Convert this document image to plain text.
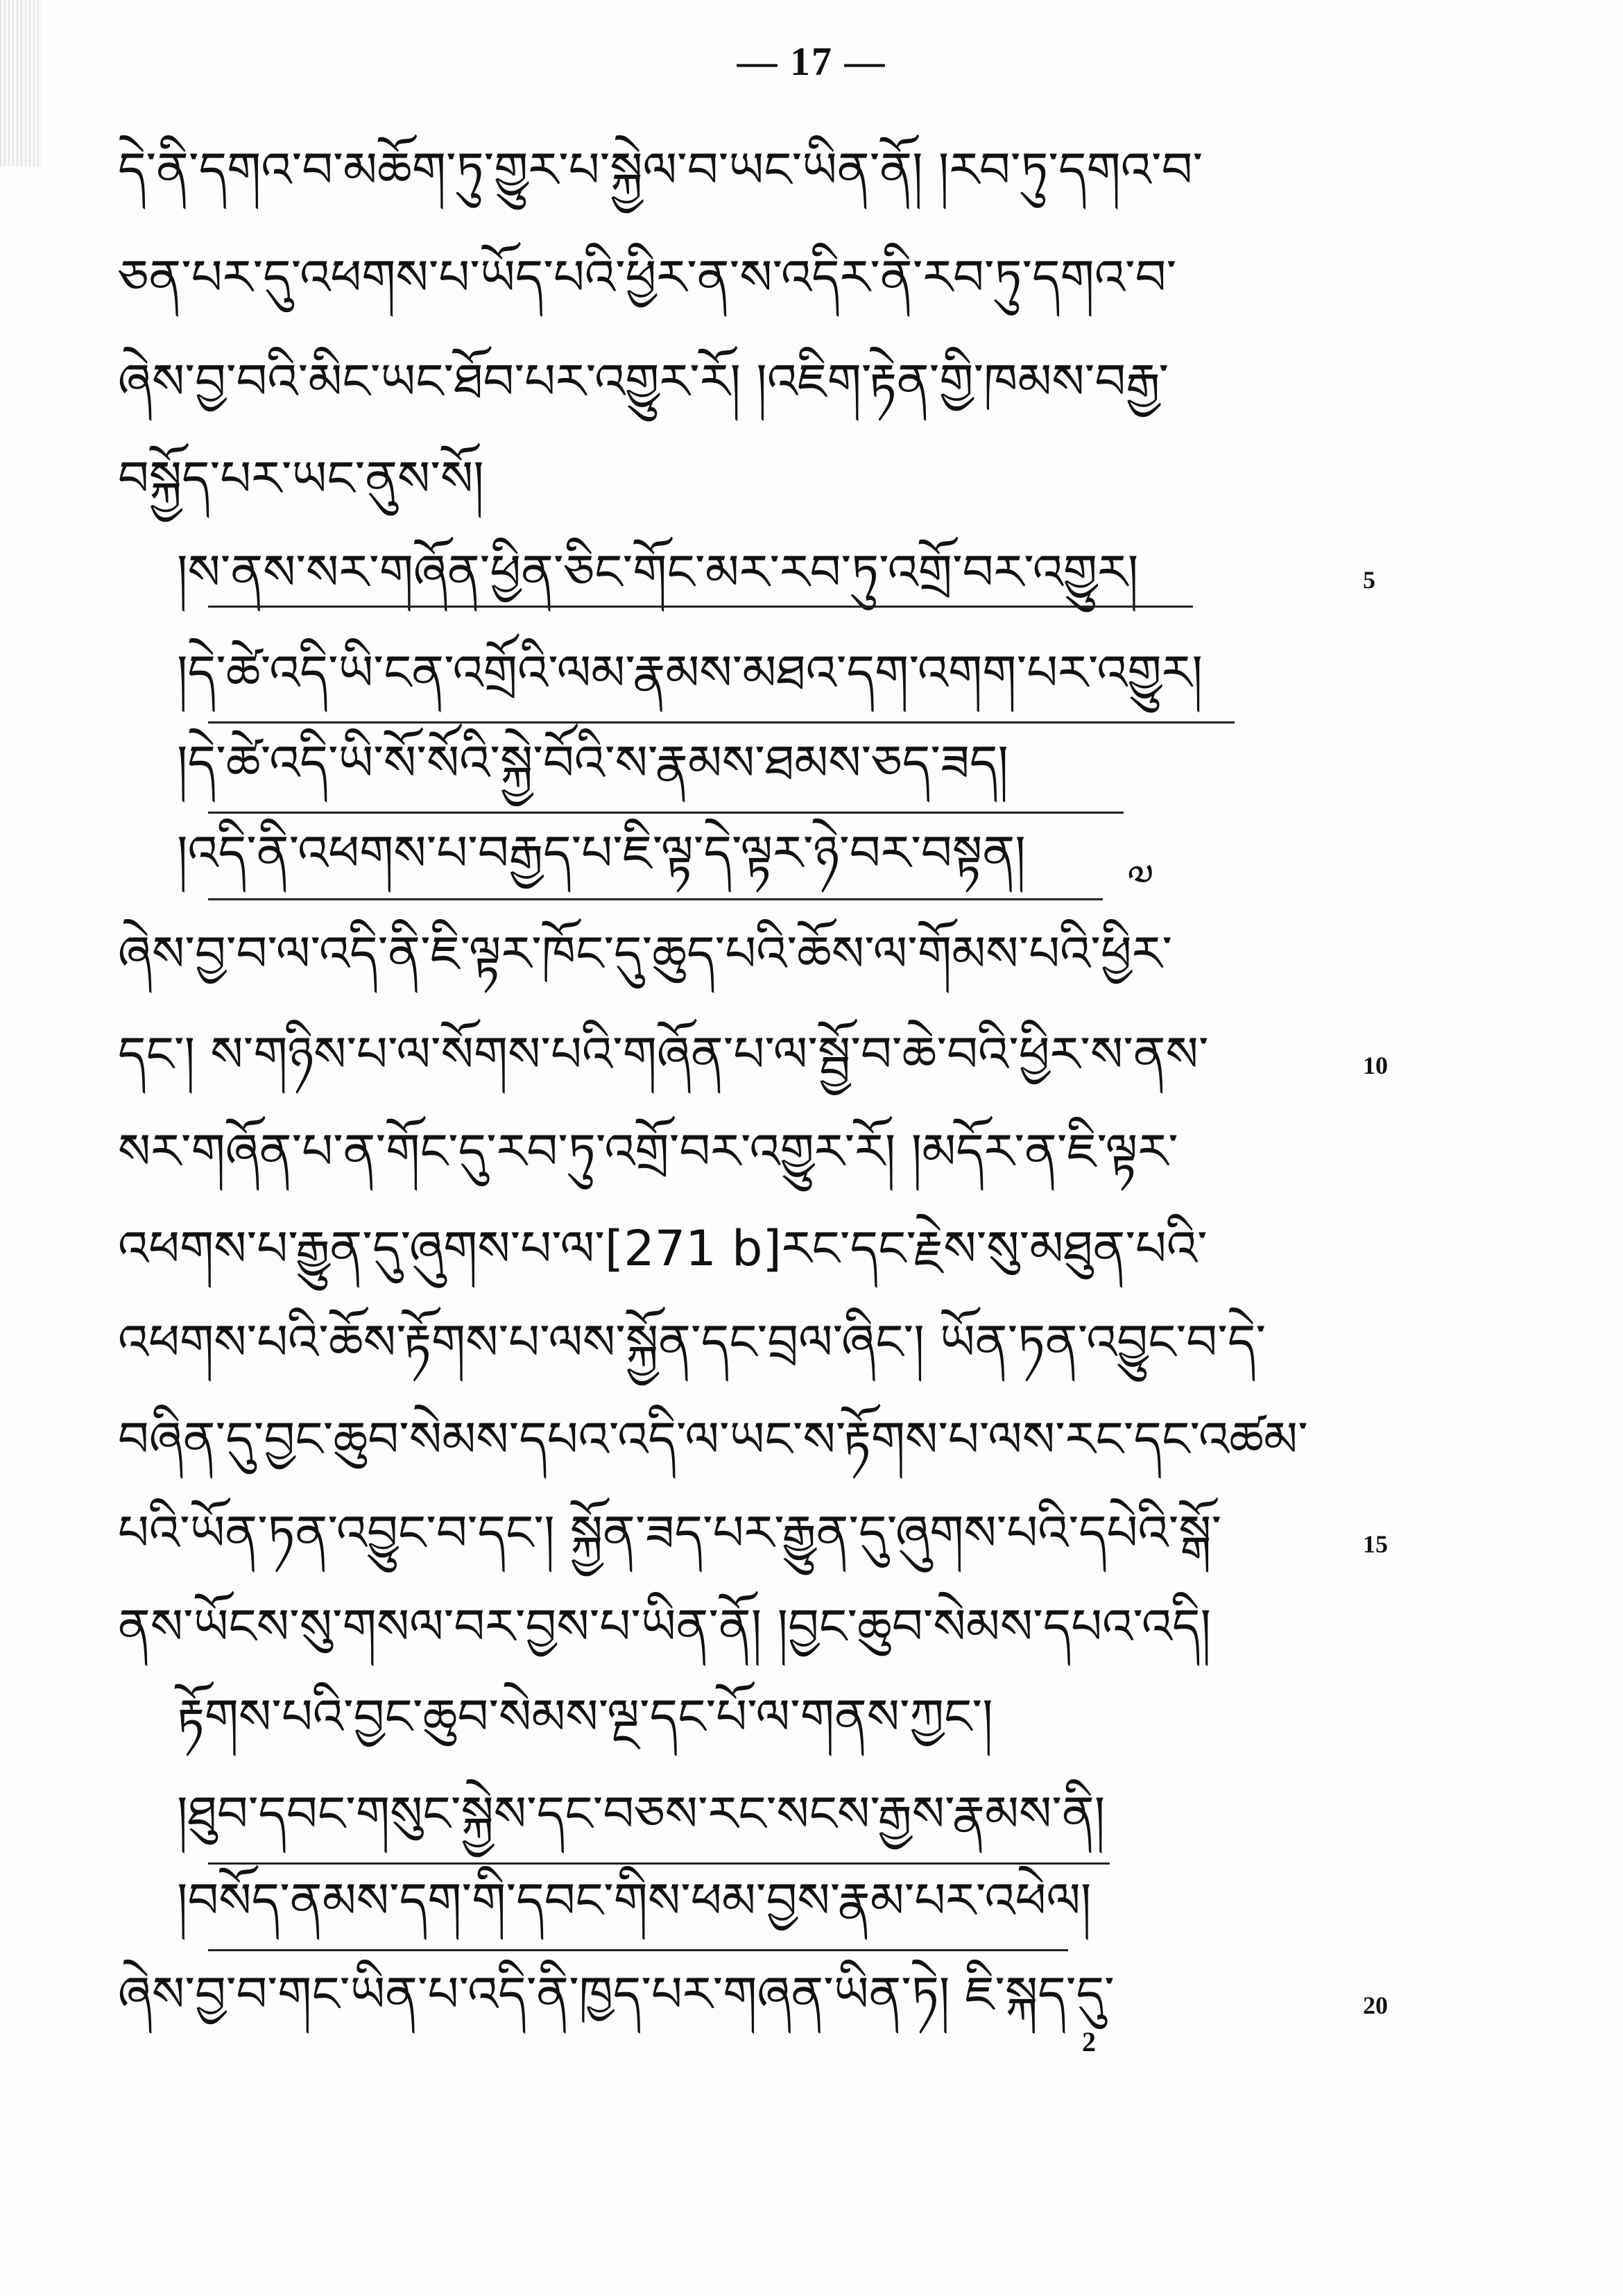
— 17 —
དེ་ནི་དགའ་བ་མཆོག་ཏུ་གྱུར་པ་སྐྱེལ་བ་ཡང་ཡིན་ནོ། །རབ་ཏུ་དགའ་བ་
ཅན་པར་དུ་འཕགས་པ་ཡོད་པའི་ཕྱིར་ན་ས་འདིར་ནི་རབ་ཏུ་དགའ་བ་
ཞེས་བྱ་བའི་མིང་ཡང་ཐོབ་པར་འགྱུར་རོ། །འཇིག་རྟེན་གྱི་ཁམས་བརྒྱ་
བསྐྱོད་པར་ཡང་ནུས་སོ།
།ས་ནས་སར་གཞོན་ཕྱིན་ཅིང་གོང་མར་རབ་ཏུ་འགྲོ་བར་འགྱུར།	5
།དེ་ཚེ་འདི་ཡི་ངན་འགྲོའི་ལམ་རྣམས་མཐའ་དག་འགག་པར་འགྱུར།
།དེ་ཚེ་འདི་ཡི་སོ་སོའི་སྐྱེ་བོའི་ས་རྣམས་ཐམས་ཅད་ཟད།
།འདི་ནི་འཕགས་པ་བརྒྱད་པ་ཇི་ལྟ་དེ་ལྟར་ཉེ་བར་བསྟན། ༧
ཞེས་བྱ་བ་ལ་འདི་ནི་ཇི་ལྟར་ཁོང་དུ་ཆུད་པའི་ཆོས་ལ་གོམས་པའི་ཕྱིར་
དང་། ས་གཉིས་པ་ལ་སོགས་པའི་གཞོན་པ་ལ་སྦྱོ་བ་ཆེ་བའི་ཕྱིར་ས་ནས་	10
སར་གཞོན་པ་ན་གོང་དུ་རབ་ཏུ་འགྲོ་བར་འགྱུར་རོ། །མདོར་ན་ཇི་ལྟར་
འཕགས་པ་རྒྱུན་དུ་ཞུགས་པ་ལ་[271 b]རང་དང་རྗེས་སུ་མཐུན་པའི་
འཕགས་པའི་ཆོས་རྟོགས་པ་ལས་སྐྱོན་དང་བྲལ་ཞིང་། ཡོན་ཏན་འབྱུང་བ་དེ་
བཞིན་དུ་བྱང་ཆུབ་སེམས་དཔའ་འདི་ལ་ཡང་ས་རྟོགས་པ་ལས་རང་དང་འཚམ་
པའི་ཡོན་ཏན་འབྱུང་བ་དང་། སྐྱོན་ཟད་པར་རྒྱུན་དུ་ཞུགས་པའི་དཔེའི་སྒོ་	15
ནས་ཡོངས་སུ་གསལ་བར་བྱས་པ་ཡིན་ནོ། །བྱང་ཆུབ་སེམས་དཔའ་འདི།
རྟོགས་པའི་བྱང་ཆུབ་སེམས་ལྔ་དང་པོ་ལ་གནས་ཀྱང་།
།ཐུབ་དབང་གསུང་སྐྱེས་དང་བཅས་རང་སངས་རྒྱས་རྣམས་ནི།
།བསོད་ནམས་དག་གི་དབང་གིས་ཕམ་བྱས་རྣམ་པར་འཕེལ།
ཞེས་བྱ་བ་གང་ཡིན་པ་འདི་ནི་ཁྱད་པར་གཞན་ཡིན་ཏེ། ཇི་སྐད་དུ་	20
2
